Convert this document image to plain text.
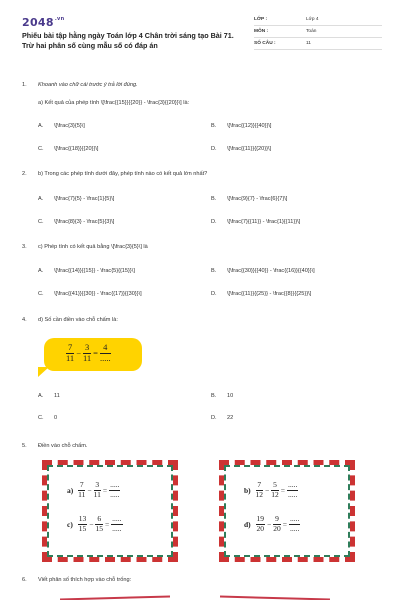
$2048^{.vn}$
Phiếu bài tập hằng ngày Toán lớp 4 Chân trời sáng tạo Bài 71. Trừ hai phân số cùng mẫu số có đáp án
LỚP :	Lớp 4
MÔN :	Toán
SỐ CÂU :	11
1. Khoanh vào chữ cái trước ý trả lời đúng.
a) Kết quả của phép tính \[\frac{{15}}{{20}} - \frac{3}{{20}}\] là:
A. \[\frac{3}{5}\]	B. \[\frac{{12}}{{40}}\]
C. \[\frac{{18}}{{20}}\]	D. \[\frac{{11}}{{20}}\]
2. b) Trong các phép tính dưới đây, phép tính nào có kết quả lớn nhất?
A. \[\frac{7}{5} - \frac{1}{5}\]	B. \[\frac{9}{7} - \frac{6}{7}\]
C. \[\frac{8}{3} - \frac{5}{3}\]	D. \[\frac{7}{{11}} - \frac{1}{{11}}\]
3. c) Phép tính có kết quả bằng \[\frac{3}{5}\] là
A. \[\frac{{14}}{{15}} - \frac{5}{{15}}\]	B. \[\frac{{30}}{{40}} - \frac{{16}}{{40}}\]
C. \[\frac{{41}}{{30}} - \frac{{17}}{{30}}\]	D. \[\frac{{11}}{{25}} - \frac{{8}}{{25}}\]
4. d) Số cần điền vào chỗ chấm là:
$\frac{7}{11} - \frac{3}{11} = \frac{4}{.....}$
A. 11	B. 10
C. 0	D. 22
5. Điền vào chỗ chấm.
$a) \frac{7}{11} - \frac{3}{11} = \frac{.....}{.....}$
$c) \frac{13}{15} - \frac{6}{15} = \frac{.....}{.....}$
$b) \frac{7}{12} - \frac{5}{12} = \frac{.....}{.....}$
$d) \frac{19}{20} - \frac{9}{20} = \frac{.....}{.....}$
6. Viết phân số thích hợp vào chỗ trống:
